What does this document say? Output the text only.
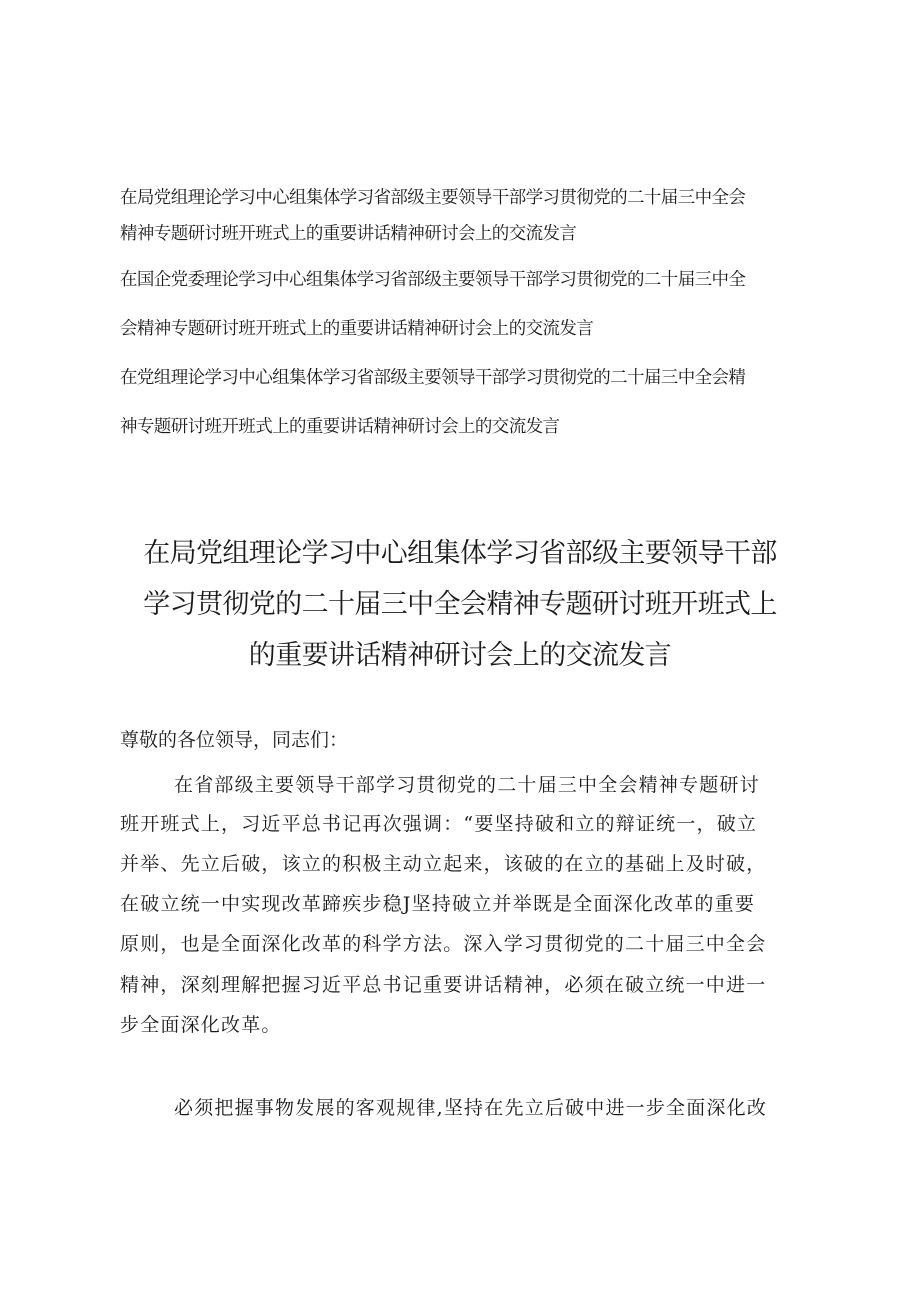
在局党组理论学习中心组集体学习省部级主要领导干部学习贯彻党的二十届三中全会
精神专题研讨班开班式上的重要讲话精神研讨会上的交流发言
在国企党委理论学习中心组集体学习省部级主要领导干部学习贯彻党的二十届三中全
会精神专题研讨班开班式上的重要讲话精神研讨会上的交流发言
在党组理论学习中心组集体学习省部级主要领导干部学习贯彻党的二十届三中全会精
神专题研讨班开班式上的重要讲话精神研讨会上的交流发言
在局党组理论学习中心组集体学习省部级主要领导干部
学习贯彻党的二十届三中全会精神专题研讨班开班式上
的重要讲话精神研讨会上的交流发言
尊敬的各位领导，同志们：
在省部级主要领导干部学习贯彻党的二十届三中全会精神专题研讨
班开班式上，习近平总书记再次强调：“要坚持破和立的辩证统一，破立
并举、先立后破，该立的积极主动立起来，该破的在立的基础上及时破，
在破立统一中实现改革蹄疾步稳J坚持破立并举既是全面深化改革的重要
原则，也是全面深化改革的科学方法。深入学习贯彻党的二十届三中全会
精神，深刻理解把握习近平总书记重要讲话精神，必须在破立统一中进一
步全面深化改革。
必须把握事物发展的客观规律,坚持在先立后破中进一步全面深化改
